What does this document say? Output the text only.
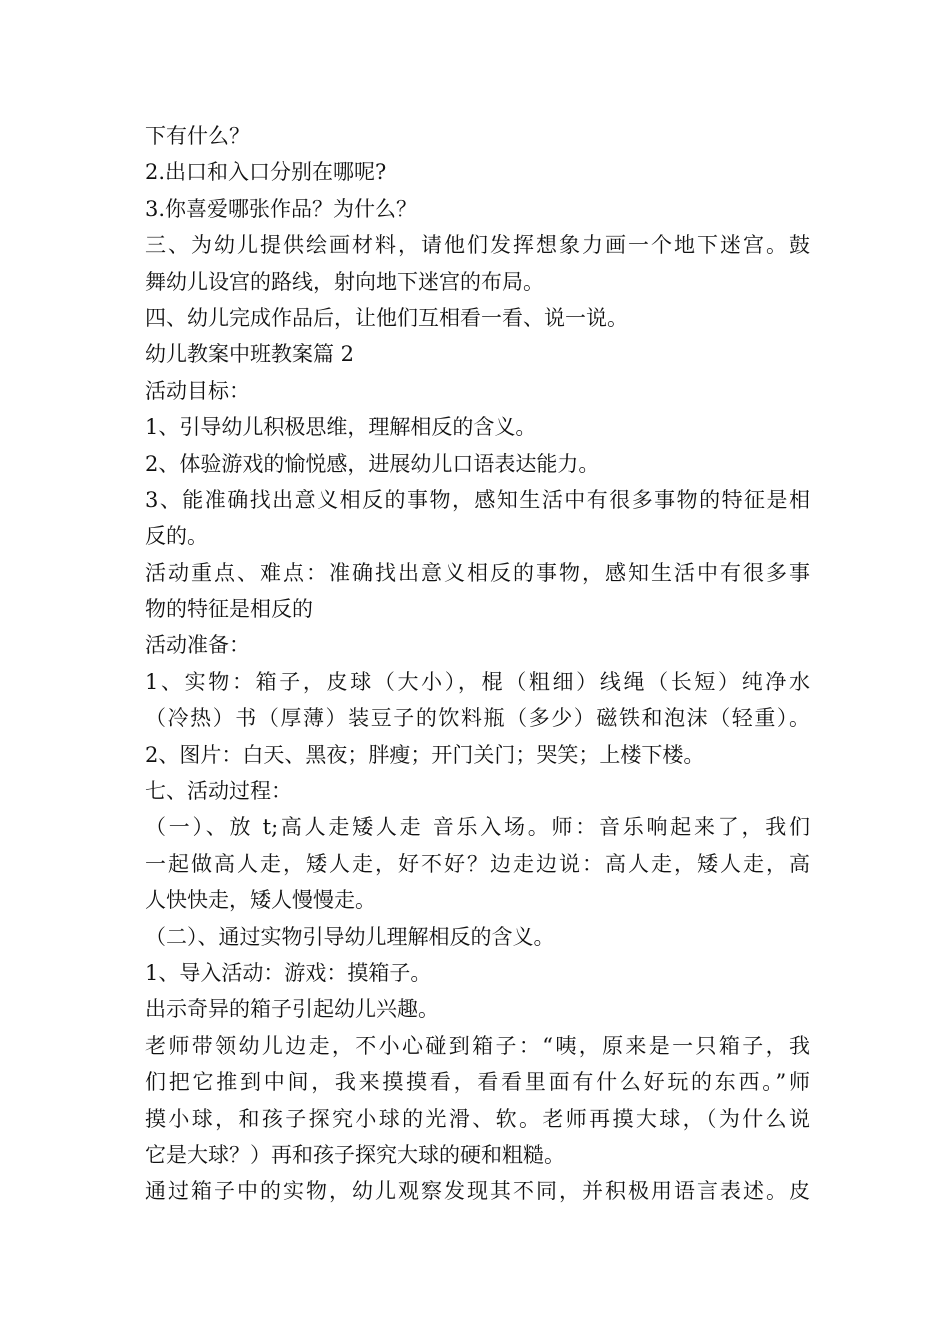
下有什么？
2.出口和入口分别在哪呢?
3.你喜爱哪张作品？为什么？
三、为幼儿提供绘画材料，请他们发挥想象力画一个地下迷宫。鼓
舞幼儿设宫的路线，射向地下迷宫的布局。
四、幼儿完成作品后，让他们互相看一看、说一说。
幼儿教案中班教案篇 2
活动目标：
1、引导幼儿积极思维，理解相反的含义。
2、体验游戏的愉悦感，进展幼儿口语表达能力。
3、能准确找出意义相反的事物，感知生活中有很多事物的特征是相
反的。
活动重点、难点：准确找出意义相反的事物，感知生活中有很多事
物的特征是相反的
活动准备：
1、实物：箱子，皮球（大小），棍（粗细）线绳（长短）纯净水
（冷热）书（厚薄）装豆子的饮料瓶（多少）磁铁和泡沫（轻重）。
2、图片：白天、黑夜；胖瘦；开门关门；哭笑；上楼下楼。
七、活动过程：
（一）、放 t;高人走矮人走 音乐入场。师：音乐响起来了，我们
一起做高人走，矮人走，好不好？边走边说：高人走，矮人走，高
人快快走，矮人慢慢走。
（二）、通过实物引导幼儿理解相反的含义。
1、导入活动：游戏：摸箱子。
出示奇异的箱子引起幼儿兴趣。
老师带领幼儿边走，不小心碰到箱子：“咦，原来是一只箱子，我
们把它推到中间，我来摸摸看，看看里面有什么好玩的东西。”师
摸小球，和孩子探究小球的光滑、软。老师再摸大球，（为什么说
它是大球？）再和孩子探究大球的硬和粗糙。
通过箱子中的实物，幼儿观察发现其不同，并积极用语言表述。皮
